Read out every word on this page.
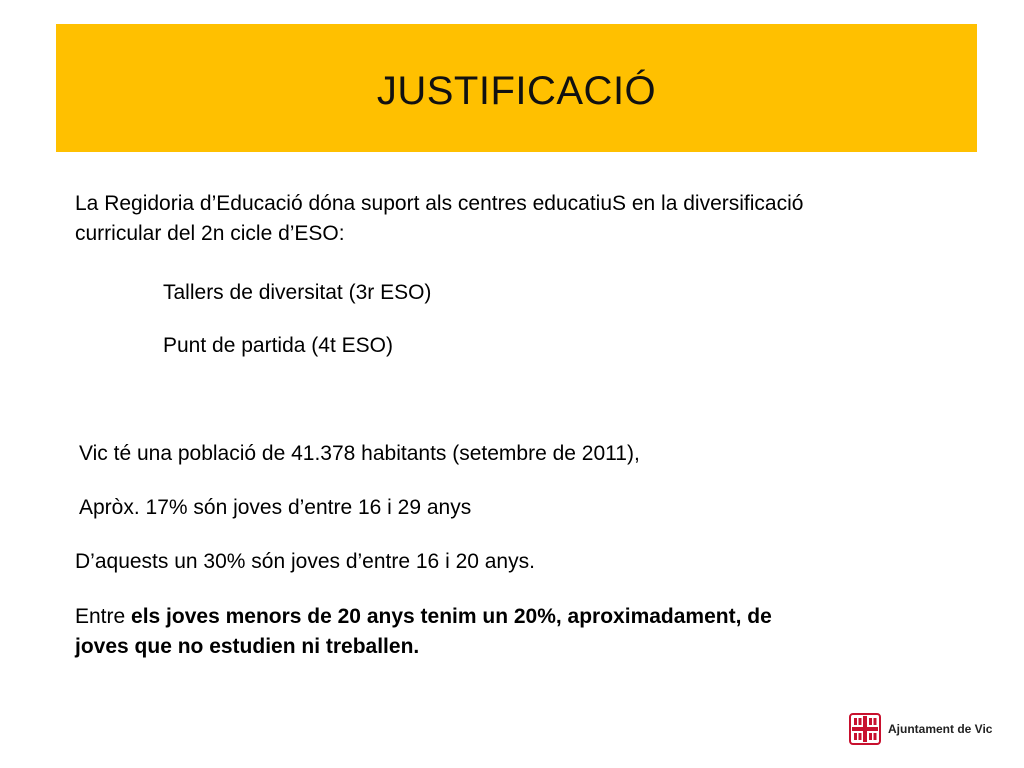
JUSTIFICACIÓ
La Regidoria d’Educació dóna suport als centres educatiuS en la diversificació
curricular del 2n cicle d’ESO:
Tallers de diversitat (3r ESO)
Punt de partida (4t ESO)
Vic té una població de 41.378 habitants (setembre de 2011),
Apròx. 17% són joves d’entre 16 i 29 anys
D’aquests un 30% són joves d’entre 16 i 20 anys.
Entre els joves menors de 20 anys tenim un 20%, aproximadament, de
joves que no estudien ni treballen.
Ajuntament de Vic
